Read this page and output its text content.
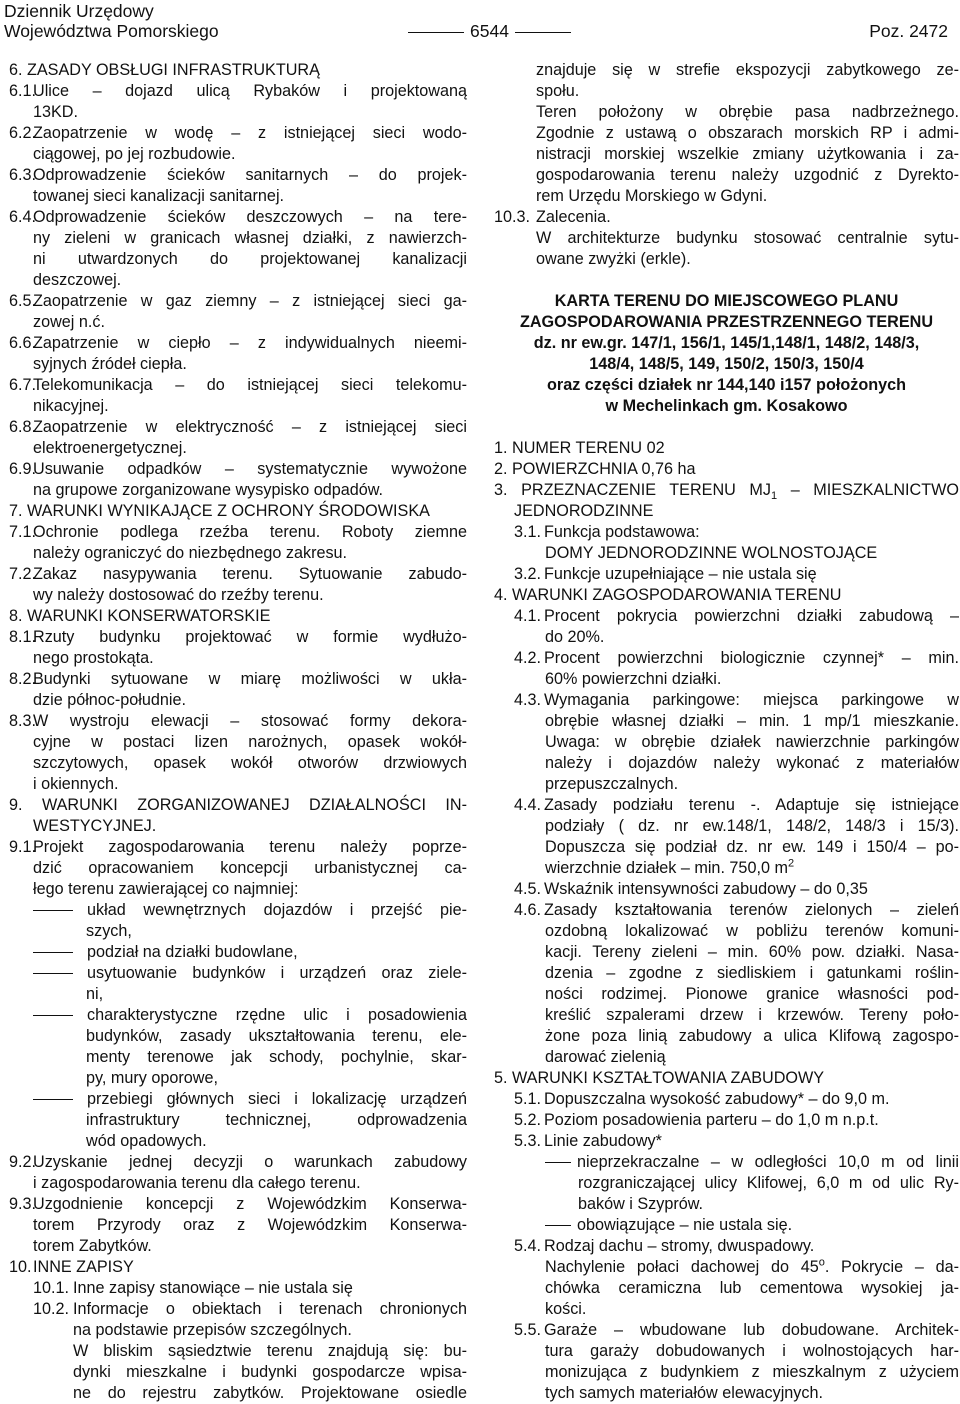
Dziennik Urzędowy
Województwa Pomorskiego	6544	Poz. 2472
6. ZASADY OBSŁUGI INFRASTRUKTURĄ
6.1.Ulice – dojazd ulicą Rybaków i projektowaną
13KD.
6.2.Zaopatrzenie w wodę – z istniejącej sieci wodo-
ciągowej, po jej rozbudowie.
6.3.Odprowadzenie ścieków sanitarnych – do projek-
towanej sieci kanalizacji sanitarnej.
6.4.Odprowadzenie ścieków deszczowych – na tere-
ny zieleni w granicach własnej działki, z nawierzch-
ni utwardzonych do projektowanej kanalizacji
deszczowej.
6.5.Zaopatrzenie w gaz ziemny – z istniejącej sieci ga-
zowej n.ć.
6.6.Zapatrzenie w ciepło – z indywidualnych nieemi-
syjnych źródeł ciepła.
6.7.Telekomunikacja – do istniejącej sieci telekomu-
nikacyjnej.
6.8.Zaopatrzenie w elektryczność – z istniejącej sieci
elektroenergetycznej.
6.9.Usuwanie odpadków – systematycznie wywożone
na grupowe zorganizowane wysypisko odpadów.
7. WARUNKI WYNIKAJĄCE Z OCHRONY ŚRODOWISKA
7.1.Ochronie podlega rzeźba terenu. Roboty ziemne
należy ograniczyć do niezbędnego zakresu.
7.2.Zakaz nasypywania terenu. Sytuowanie zabudo-
wy należy dostosować do rzeźby terenu.
8. WARUNKI KONSERWATORSKIE
8.1.Rzuty budynku projektować w formie wydłużo-
nego prostokąta.
8.2.Budynki sytuowane w miarę możliwości w ukła-
dzie północ-południe.
8.3.W wystroju elewacji – stosować formy dekora-
cyjne w postaci lizen narożnych, opasek wokół-
szczytowych, opasek wokół otworów drzwiowych
i okiennych.
9. WARUNKI ZORGANIZOWANEJ DZIAŁALNOŚCI IN-
WESTYCYJNEJ.
9.1.Projekt zagospodarowania terenu należy poprze-
dzić opracowaniem koncepcji urbanistycznej ca-
łego terenu zawierającej co najmniej:
układ wewnętrznych dojazdów i przejść pie-
szych,
podział na działki budowlane,
usytuowanie budynków i urządzeń oraz ziele-
ni,
charakterystyczne rzędne ulic i posadowienia
budynków, zasady ukształtowania terenu, ele-
menty terenowe jak schody, pochylnie, skar-
py, mury oporowe,
przebiegi głównych sieci i lokalizację urządzeń
infrastruktury technicznej, odprowadzenia
wód opadowych.
9.2.Uzyskanie jednej decyzji o warunkach zabudowy
i zagospodarowania terenu dla całego terenu.
9.3.Uzgodnienie koncepcji z Wojewódzkim Konserwa-
torem Przyrody oraz z Wojewódzkim Konserwa-
torem Zabytków.
10.INNE ZAPISY
10.1. Inne zapisy stanowiące – nie ustala się
10.2. Informacje o obiektach i terenach chronionych
na podstawie przepisów szczególnych.
W bliskim sąsiedztwie terenu znajdują się: bu-
dynki mieszkalne i budynki gospodarcze wpisa-
ne do rejestru zabytków. Projektowane osiedle
znajduje się w strefie ekspozycji zabytkowego ze-
społu.
Teren położony w obrębie pasa nadbrzeżnego.
Zgodnie z ustawą o obszarach morskich RP i admi-
nistracji morskiej wszelkie zmiany użytkowania i za-
gospodarowania terenu należy uzgodnić z Dyrekto-
rem Urzędu Morskiego w Gdyni.
10.3. Zalecenia.
W architekturze budynku stosować centralnie sytu-
owane zwyżki (erkle).
KARTA TERENU DO MIEJSCOWEGO PLANU
ZAGOSPODAROWANIA PRZESTRZENNEGO TERENU
dz. nr ew.gr. 147/1, 156/1, 145/1,148/1, 148/2, 148/3,
148/4, 148/5, 149, 150/2, 150/3, 150/4
oraz części działek nr 144,140 i157 położonych
w Mechelinkach gm. Kosakowo
1. NUMER TERENU 02
2. POWIERZCHNIA 0,76 ha
3. PRZEZNACZENIE TERENU $MJ_1$ – MIESZKALNICTWO
JEDNORODZINNE
3.1. Funkcja podstawowa:
DOMY JEDNORODZINNE WOLNOSTOJĄCE
3.2. Funkcje uzupełniające – nie ustala się
4. WARUNKI ZAGOSPODAROWANIA TERENU
4.1. Procent pokrycia powierzchni działki zabudową –
do 20%.
4.2. Procent powierzchni biologicznie czynnej* – min.
60% powierzchni działki.
4.3. Wymagania parkingowe: miejsca parkingowe w
obrębie własnej działki – min. 1 mp/1 mieszkanie.
Uwaga: w obrębie działek nawierzchnie parkingów
należy i dojazdów należy wykonać z materiałów
przepuszczalnych.
4.4. Zasady podziału terenu -. Adaptuje się istniejące
podziały ( dz. nr ew.148/1, 148/2, 148/3 i 15/3).
Dopuszcza się podział dz. nr ew. 149 i 150/4 – po-
wierzchnie działek – min. 750,0 $m^2$
4.5. Wskaźnik intensywności zabudowy – do 0,35
4.6. Zasady kształtowania terenów zielonych – zieleń
ozdobną lokalizować w pobliżu terenów komuni-
kacji. Tereny zieleni – min. 60% pow. działki. Nasa-
dzenia – zgodne z siedliskiem i gatunkami roślin-
ności rodzimej. Pionowe granice własności pod-
kreślić szpalerami drzew i krzewów. Tereny poło-
żone poza linią zabudowy a ulica Klifową zagospo-
darować zielenią
5. WARUNKI KSZTAŁTOWANIA ZABUDOWY
5.1. Dopuszczalna wysokość zabudowy* – do 9,0 m.
5.2. Poziom posadowienia parteru – do 1,0 m n.p.t.
5.3. Linie zabudowy*
nieprzekraczalne – w odległości 10,0 m od linii
rozgraniczającej ulicy Klifowej, 6,0 m od ulic Ry-
baków i Szyprów.
obowiązujące – nie ustala się.
5.4. Rodzaj dachu – stromy, dwuspadowy.
Nachylenie połaci dachowej do 45$^o$. Pokrycie – da-
chówka ceramiczna lub cementowa wysokiej ja-
kości.
5.5. Garaże – wbudowane lub dobudowane. Architek-
tura garaży dobudowanych i wolnostojących har-
monizująca z budynkiem z mieszkalnym z użyciem
tych samych materiałów elewacyjnych.
